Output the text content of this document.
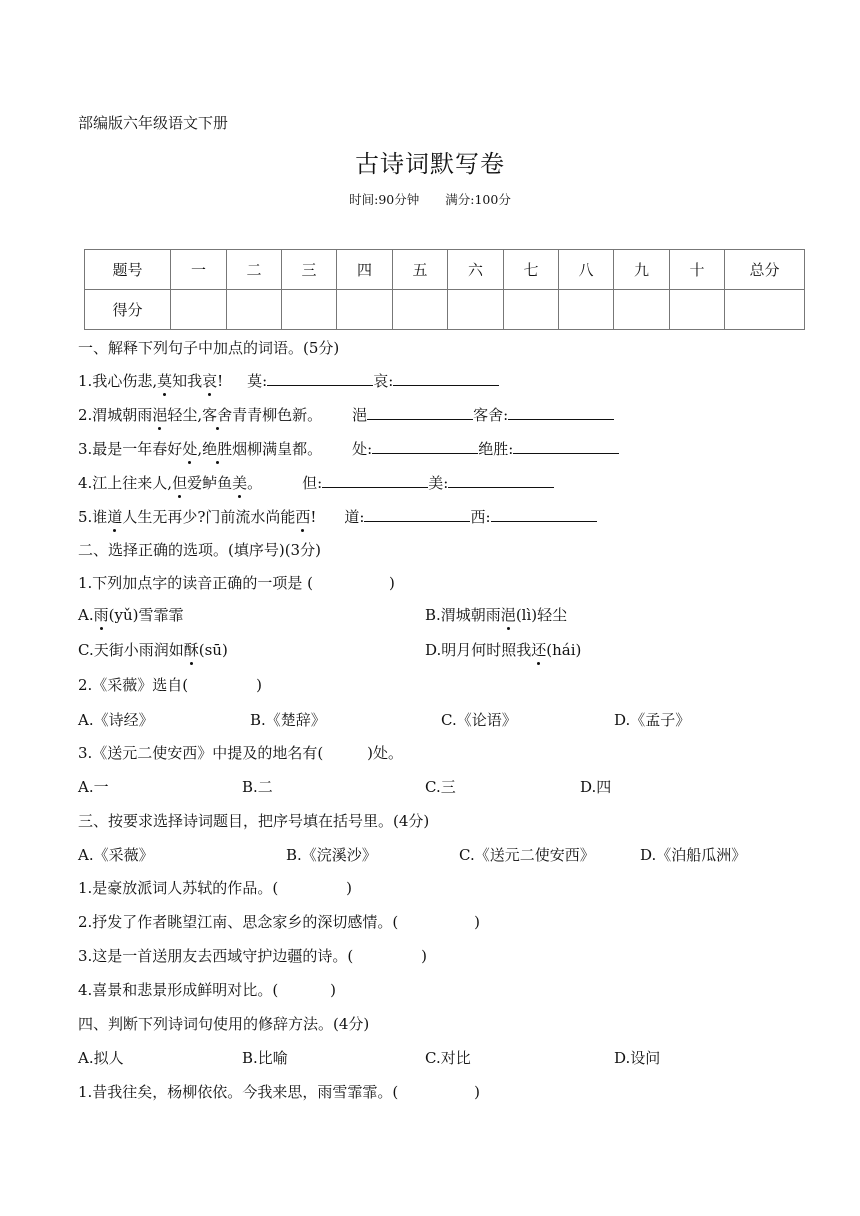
部编版六年级语文下册
古诗词默写卷
时间:90分钟 满分:100分
题号	一	二	三	四	五	六	七	八	九	十	总分
得分											
一、解释下列句子中加点的词语。(5分)
1.我心伤悲,莫知我哀! 莫:	哀:
2.渭城朝雨浥轻尘,客舍青青柳色新。 浥	客舍:
3.最是一年春好处,绝胜烟柳满皇都。 处:	绝胜:
4.江上往来人,但爱鲈鱼美。	但:	美:
5.谁道人生无再少?门前流水尚能西! 道:	西:
二、选择正确的选项。(填序号)(3分)
1.下列加点字的读音正确的一项是 (	)
A.雨(yǔ)雪霏霏	B.渭城朝雨浥(lì)轻尘
C.天街小雨润如酥(sū)	D.明月何时照我还(hái)
2.《采薇》选自(	)
A.《诗经》	B.《楚辞》	C.《论语》	D.《孟子》
3.《送元二使安西》中提及的地名有(	)处。
A.一	B.二	C.三	D.四
三、按要求选择诗词题目，把序号填在括号里。(4分)
A.《采薇》	B.《浣溪沙》	C.《送元二使安西》	D.《泊船瓜洲》
1.是豪放派词人苏轼的作品。(	)
2.抒发了作者眺望江南、思念家乡的深切感情。(	)
3.这是一首送朋友去西域守护边疆的诗。(	)
4.喜景和悲景形成鲜明对比。(	)
四、判断下列诗词句使用的修辞方法。(4分)
A.拟人	B.比喻	C.对比	D.设问
1.昔我往矣，杨柳依依。今我来思，雨雪霏霏。(	)
